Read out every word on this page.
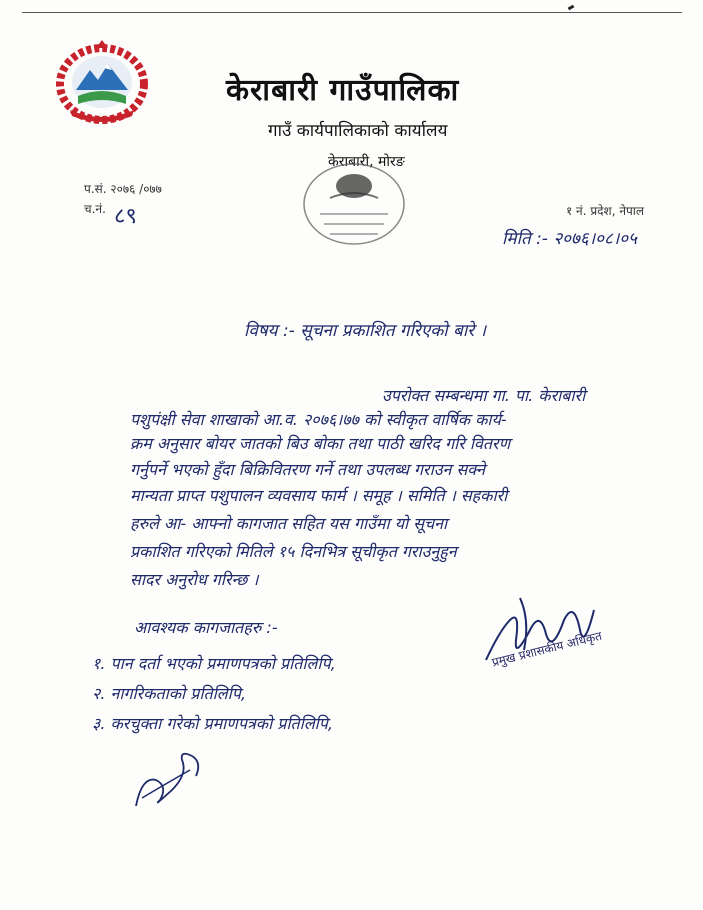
केराबारी गाउँपालिका
गाउँ कार्यपालिकाको कार्यालय
केराबारी, मोरङ
प.सं. २०७६ /०७७
च.नं. ८९	१ नं. प्रदेश, नेपाल
मिति :- २०७६।०८।०५
विषय :- सूचना प्रकाशित गरिएको बारे ।
उपरोक्त सम्बन्धमा गा. पा. केराबारी
पशुपंक्षी सेवा शाखाको आ.व. २०७६।७७ को स्वीकृत वार्षिक कार्य-
क्रम अनुसार बोयर जातको बिउ बोका तथा पाठी खरिद गरि वितरण
गर्नुपर्ने भएको हुँदा बिक्रिवितरण गर्ने तथा उपलब्ध गराउन सक्ने
मान्यता प्राप्त पशुपालन व्यवसाय फार्म । समूह । समिति । सहकारी
हरुले आ- आफ्नो कागजात सहित यस गाउँमा यो सूचना
प्रकाशित गरिएको मितिले १५ दिनभित्र सूचीकृत गराउनुहुन
सादर अनुरोध गरिन्छ ।
आवश्यक कागजातहरु :-
१. पान दर्ता भएको प्रमाणपत्रको प्रतिलिपि,
२. नागरिकताको प्रतिलिपि,
३. करचुक्ता गरेको प्रमाणपत्रको प्रतिलिपि,
प्रमुख प्रशासकीय अधिकृत
